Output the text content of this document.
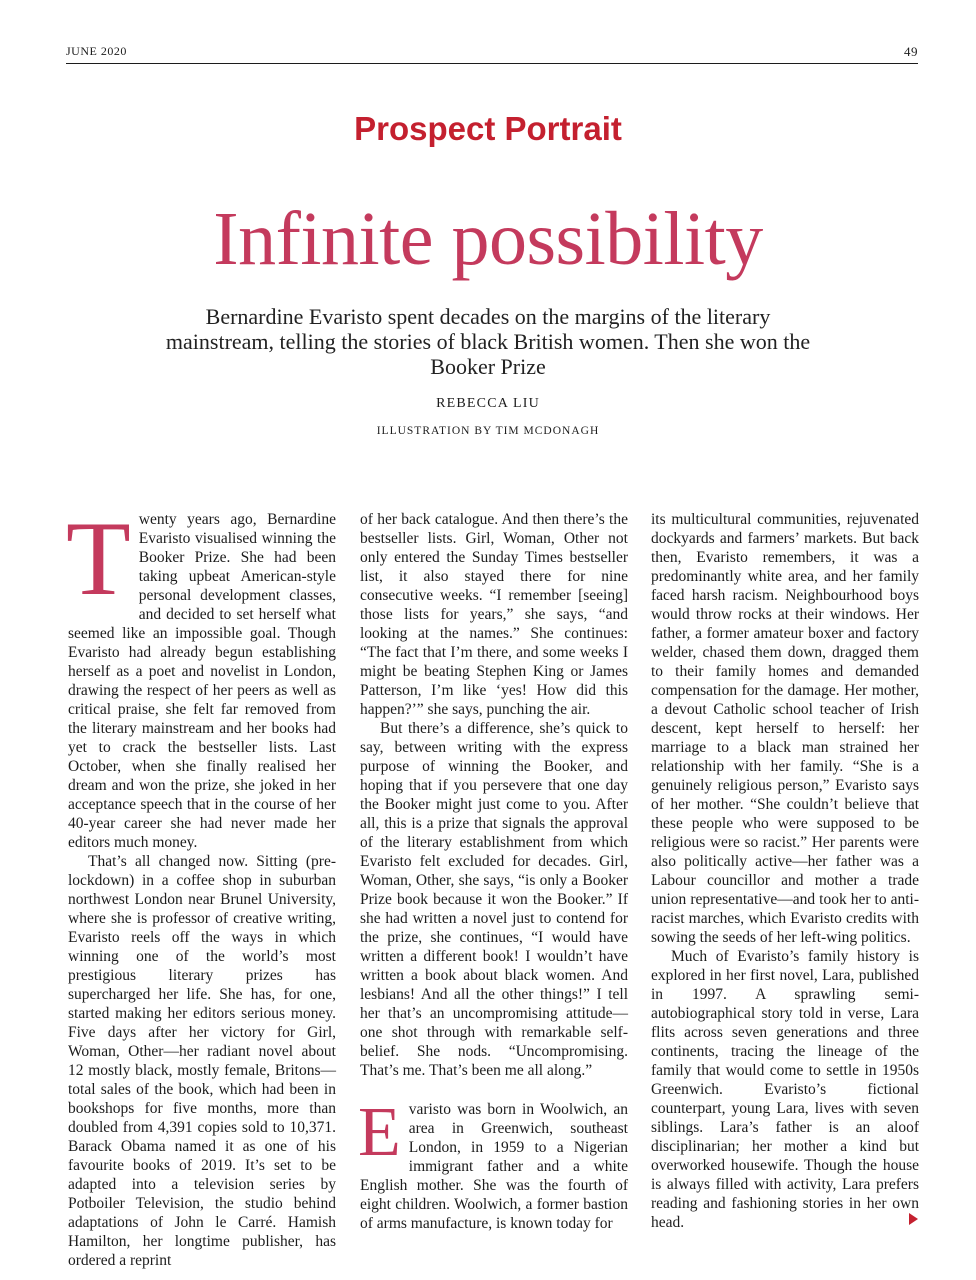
JUNE 2020	49
Prospect Portrait
Infinite possibility
Bernardine Evaristo spent decades on the margins of the literary mainstream, telling the stories of black British women. Then she won the Booker Prize
REBECCA LIU
ILLUSTRATION BY TIM MCDONAGH

Twenty years ago, Bernardine Evaristo visualised winning the Booker Prize. She had been taking upbeat American-style personal development classes, and decided to set herself what seemed like an impossible goal. Though Evaristo had already begun establishing herself as a poet and novelist in London, drawing the respect of her peers as well as critical praise, she felt far removed from the literary mainstream and her books had yet to crack the bestseller lists. Last October, when she finally realised her dream and won the prize, she joked in her acceptance speech that in the course of her 40-year career she had never made her editors much money.

That’s all changed now. Sitting (pre-lockdown) in a coffee shop in suburban northwest London near Brunel University, where she is professor of creative writing, Evaristo reels off the ways in which winning one of the world’s most prestigious literary prizes has supercharged her life. She has, for one, started making her editors serious money. Five days after her victory for Girl, Woman, Other—her radiant novel about 12 mostly black, mostly female, Britons—total sales of the book, which had been in bookshops for five months, more than doubled from 4,391 copies sold to 10,371. Barack Obama named it as one of his favourite books of 2019. It’s set to be adapted into a television series by Potboiler Television, the studio behind adaptations of John le Carré. Hamish Hamilton, her longtime publisher, has ordered a reprint

of her back catalogue. And then there’s the bestseller lists. Girl, Woman, Other not only entered the Sunday Times bestseller list, it also stayed there for nine consecutive weeks. “I remember [seeing] those lists for years,” she says, “and looking at the names.” She continues: “The fact that I’m there, and some weeks I might be beating Stephen King or James Patterson, I’m like ‘yes! How did this happen?’” she says, punching the air.

But there’s a difference, she’s quick to say, between writing with the express purpose of winning the Booker, and hoping that if you persevere that one day the Booker might just come to you. After all, this is a prize that signals the approval of the literary establishment from which Evaristo felt excluded for decades. Girl, Woman, Other, she says, “is only a Booker Prize book because it won the Booker.” If she had written a novel just to contend for the prize, she continues, “I would have written a different book! I wouldn’t have written a book about black women. And lesbians! And all the other things!” I tell her that’s an uncompromising attitude—one shot through with remarkable self-belief. She nods. “Uncompromising. That’s me. That’s been me all along.”

Evaristo was born in Woolwich, an area in Greenwich, southeast London, in 1959 to a Nigerian immigrant father and a white English mother. She was the fourth of eight children. Woolwich, a former bastion of arms manufacture, is known today for

its multicultural communities, rejuvenated dockyards and farmers’ markets. But back then, Evaristo remembers, it was a predominantly white area, and her family faced harsh racism. Neighbourhood boys would throw rocks at their windows. Her father, a former amateur boxer and factory welder, chased them down, dragged them to their family homes and demanded compensation for the damage. Her mother, a devout Catholic school teacher of Irish descent, kept herself to herself: her marriage to a black man strained her relationship with her family. “She is a genuinely religious person,” Evaristo says of her mother. “She couldn’t believe that these people who were supposed to be religious were so racist.” Her parents were also politically active—her father was a Labour councillor and mother a trade union representative—and took her to anti-racist marches, which Evaristo credits with sowing the seeds of her left-wing politics.

Much of Evaristo’s family history is explored in her first novel, Lara, published in 1997. A sprawling semi-autobiographical story told in verse, Lara flits across seven generations and three continents, tracing the lineage of the family that would come to settle in 1950s Greenwich. Evaristo’s fictional counterpart, young Lara, lives with seven siblings. Lara’s father is an aloof disciplinarian; her mother a kind but overworked housewife. Though the house is always filled with activity, Lara prefers reading and fashioning stories in her own head.
